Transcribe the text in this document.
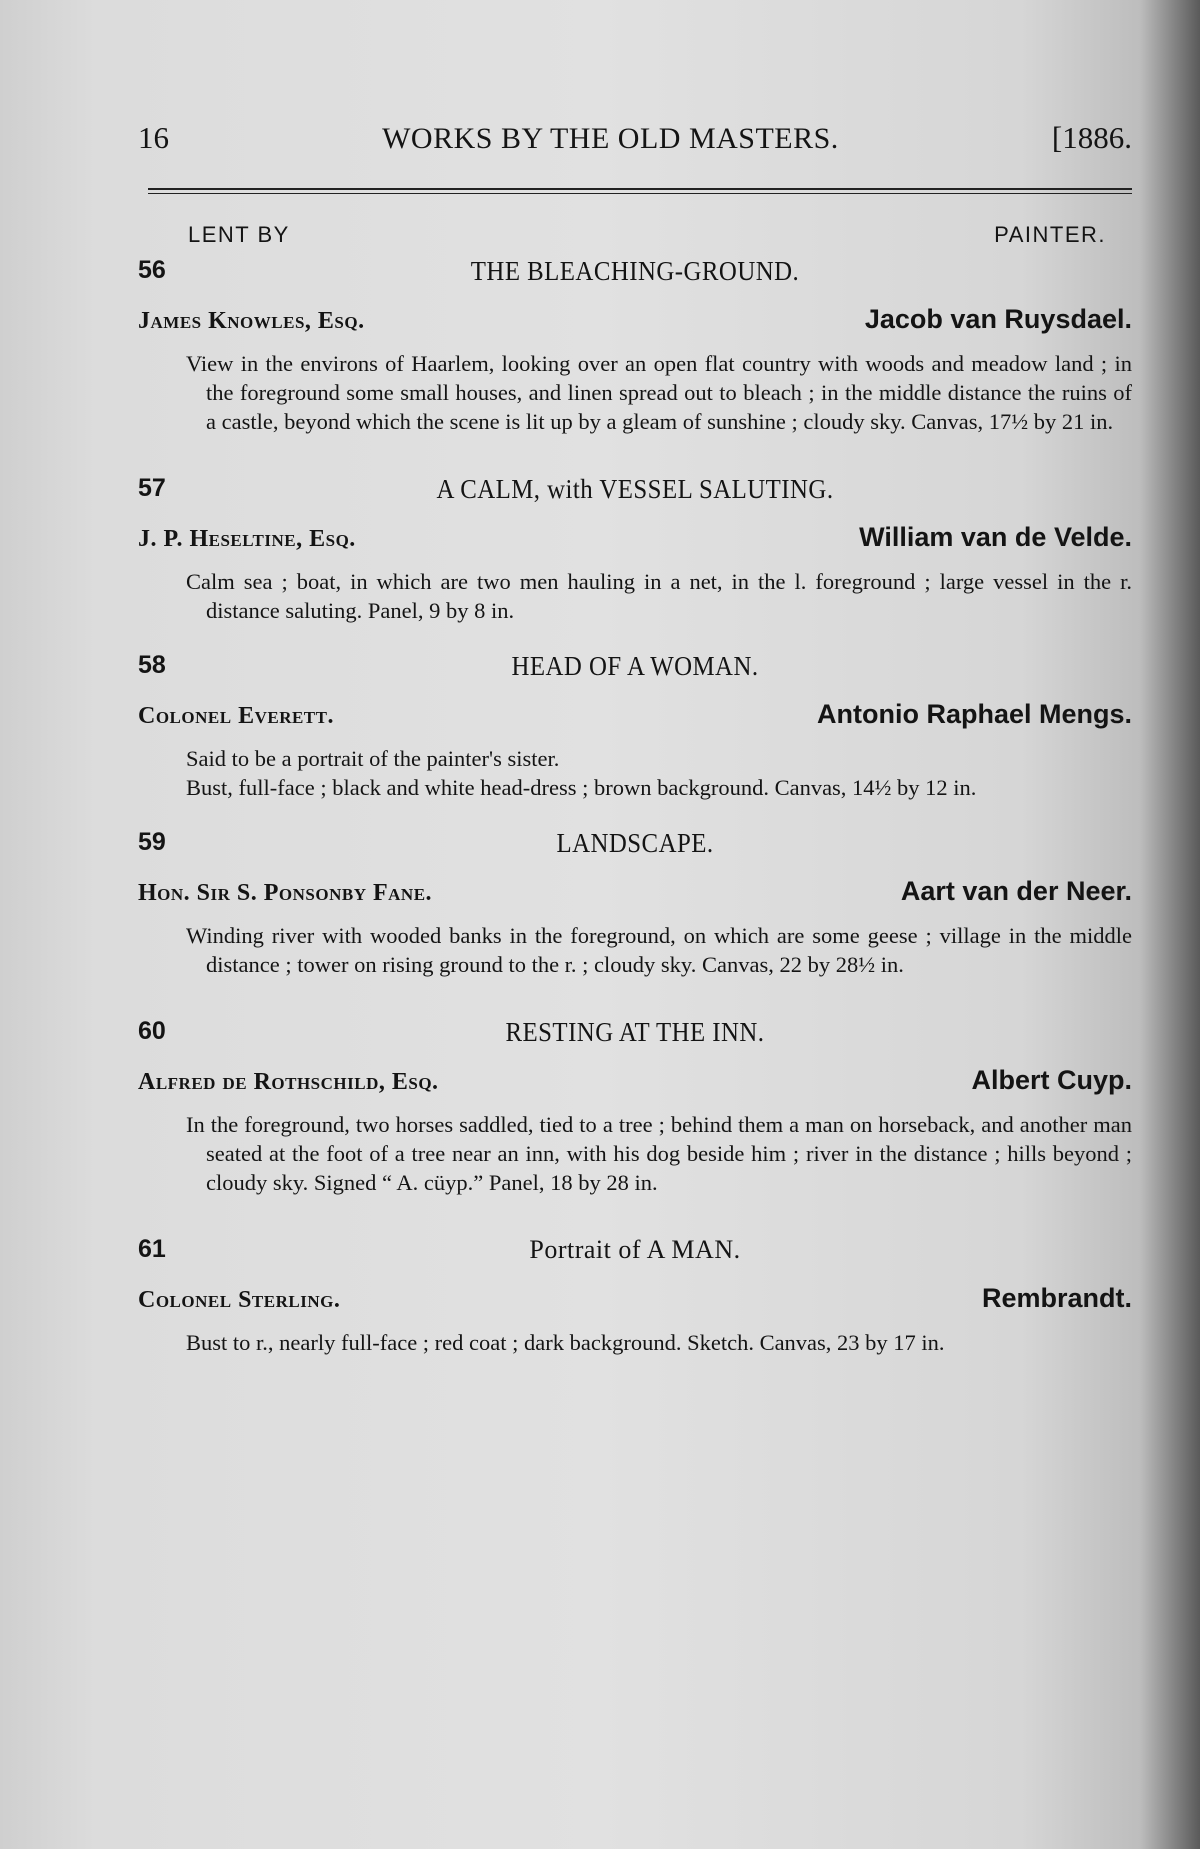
16	WORKS BY THE OLD MASTERS.	[1886.
LENT BY	PAINTER.
56	THE BLEACHING-GROUND.
James Knowles, Esq.	Jacob van Ruysdael.

View in the environs of Haarlem, looking over an open flat country with woods and meadow land ; in the foreground some small houses, and linen spread out to bleach ; in the middle distance the ruins of a castle, beyond which the scene is lit up by a gleam of sunshine ; cloudy sky. Canvas, 17½ by 21 in.

57	A CALM, with VESSEL SALUTING.
J. P. Heseltine, Esq.	William van de Velde.

Calm sea ; boat, in which are two men hauling in a net, in the l. foreground ; large vessel in the r. distance saluting. Panel, 9 by 8 in.

58	HEAD OF A WOMAN.
Colonel Everett.	Antonio Raphael Mengs.

Said to be a portrait of the painter's sister.

Bust, full-face ; black and white head-dress ; brown background. Canvas, 14½ by 12 in.

59	LANDSCAPE.
Hon. Sir S. Ponsonby Fane.	Aart van der Neer.

Winding river with wooded banks in the foreground, on which are some geese ; village in the middle distance ; tower on rising ground to the r. ; cloudy sky. Canvas, 22 by 28½ in.

60	RESTING AT THE INN.
Alfred de Rothschild, Esq.	Albert Cuyp.

In the foreground, two horses saddled, tied to a tree ; behind them a man on horseback, and another man seated at the foot of a tree near an inn, with his dog beside him ; river in the distance ; hills beyond ; cloudy sky. Signed “ A. cüyp.” Panel, 18 by 28 in.

61	Portrait of A MAN.
Colonel Sterling.	Rembrandt.

Bust to r., nearly full-face ; red coat ; dark background. Sketch. Canvas, 23 by 17 in.
